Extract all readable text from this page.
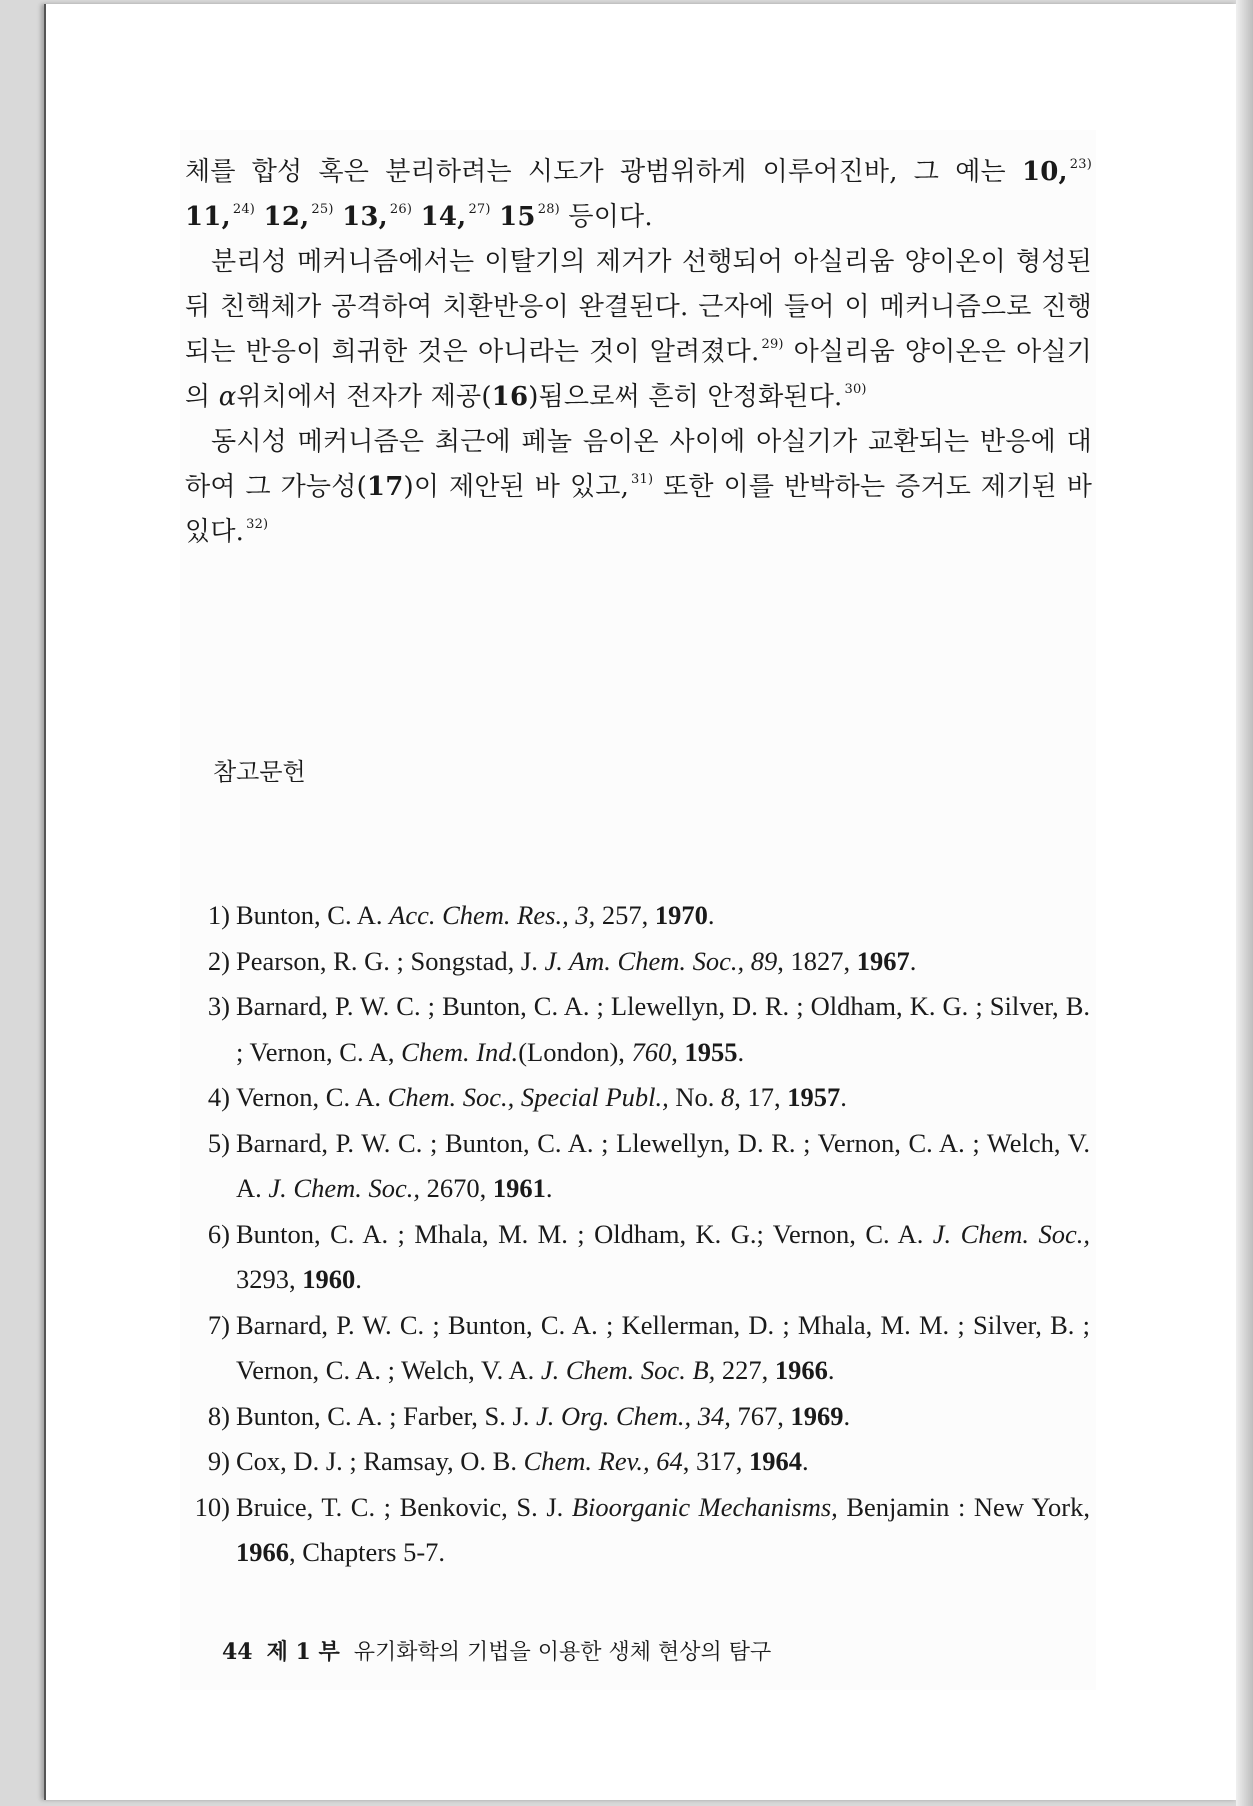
체를 합성 혹은 분리하려는 시도가 광범위하게 이루어진바, 그 예는 10, $^{23)}$ 11, $^{24)}$ 12, $^{25)}$ 13, $^{26)}$ 14, $^{27)}$ 15 $^{28)}$ 등이다.

분리성 메커니즘에서는 이탈기의 제거가 선행되어 아실리움 양이온이 형성된 뒤 친핵체가 공격하여 치환반응이 완결된다. 근자에 들어 이 메커니즘으로 진행되는 반응이 희귀한 것은 아니라는 것이 알려졌다. $^{29)}$ 아실리움 양이온은 아실기의 α위치에서 전자가 제공(16)됨으로써 흔히 안정화된다. $^{30)}$

동시성 메커니즘은 최근에 페놀 음이온 사이에 아실기가 교환되는 반응에 대하여 그 가능성(17)이 제안된 바 있고, $^{31)}$ 또한 이를 반박하는 증거도 제기된 바 있다. $^{32)}$

참고문헌
1) Bunton, C. A. Acc. Chem. Res., 3, 257, 1970.
2) Pearson, R. G. ; Songstad, J. J. Am. Chem. Soc., 89, 1827, 1967.
3) Barnard, P. W. C. ; Bunton, C. A. ; Llewellyn, D. R. ; Oldham, K. G. ; Silver, B. ; Vernon, C. A, Chem. Ind.(London), 760, 1955.
4) Vernon, C. A. Chem. Soc., Special Publ., No. 8, 17, 1957.
5) Barnard, P. W. C. ; Bunton, C. A. ; Llewellyn, D. R. ; Vernon, C. A. ; Welch, V. A. J. Chem. Soc., 2670, 1961.
6) Bunton, C. A. ; Mhala, M. M. ; Oldham, K. G.; Vernon, C. A. J. Chem. Soc., 3293, 1960.
7) Barnard, P. W. C. ; Bunton, C. A. ; Kellerman, D. ; Mhala, M. M. ; Silver, B. ; Vernon, C. A. ; Welch, V. A. J. Chem. Soc. B, 227, 1966.
8) Bunton, C. A. ; Farber, S. J. J. Org. Chem., 34, 767, 1969.
9) Cox, D. J. ; Ramsay, O. B. Chem. Rev., 64, 317, 1964.
10) Bruice, T. C. ; Benkovic, S. J. Bioorganic Mechanisms, Benjamin : New York, 1966, Chapters 5-7.
44 제 1 부 유기화학의 기법을 이용한 생체 현상의 탐구
